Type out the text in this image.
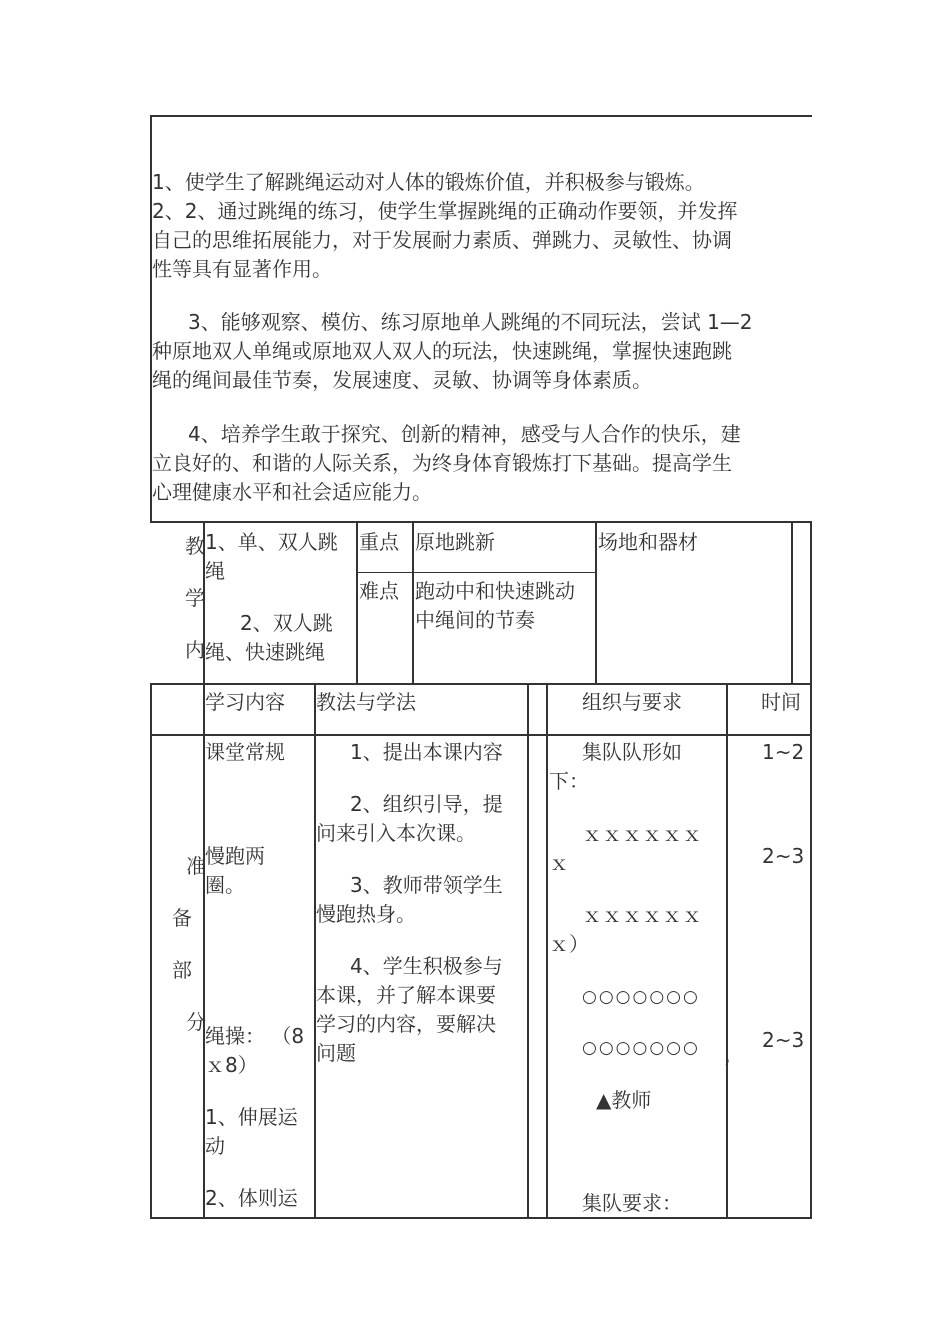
1、使学生了解跳绳运动对人体的锻炼价值，并积极参与锻炼。
2、2、通过跳绳的练习，使学生掌握跳绳的正确动作要领，并发挥
自己的思维拓展能力，对于发展耐力素质、弹跳力、灵敏性、协调
性等具有显著作用。
3、能够观察、模仿、练习原地单人跳绳的不同玩法，尝试 1—2
种原地双人单绳或原地双人双人的玩法，快速跳绳，掌握快速跑跳
绳的绳间最佳节奏，发展速度、灵敏、协调等身体素质。
4、培养学生敢于探究、创新的精神，感受与人合作的快乐，建
立良好的、和谐的人际关系，为终身体育锻炼打下基础。提高学生
心理健康水平和社会适应能力。
教
学
内
1、单、双人跳
绳
2、双人跳
绳、快速跳绳
重点 原地跳新
难点 跑动中和快速跳动
中绳间的节奏
场地和器材
学习内容 教法与学法	组织与要求	时间
准
备
部
分
课堂常规
慢跑两
圈。
绳操： （8
ｘ8）
1、伸展运
动
2、体则运
1、提出本课内容
2、组织引导，提
问来引入本次课。
3、教师带领学生
慢跑热身。
4、学生积极参与
本课，并了解本课要
学习的内容，要解决
问题
集队队形如
下：
ｘｘｘｘｘｘ
ｘ
ｘｘｘｘｘｘ
ｘ）
○○○○○○○
○○○○○○○ ，
▲教师
集队要求：
1~2
2~3
2~3
